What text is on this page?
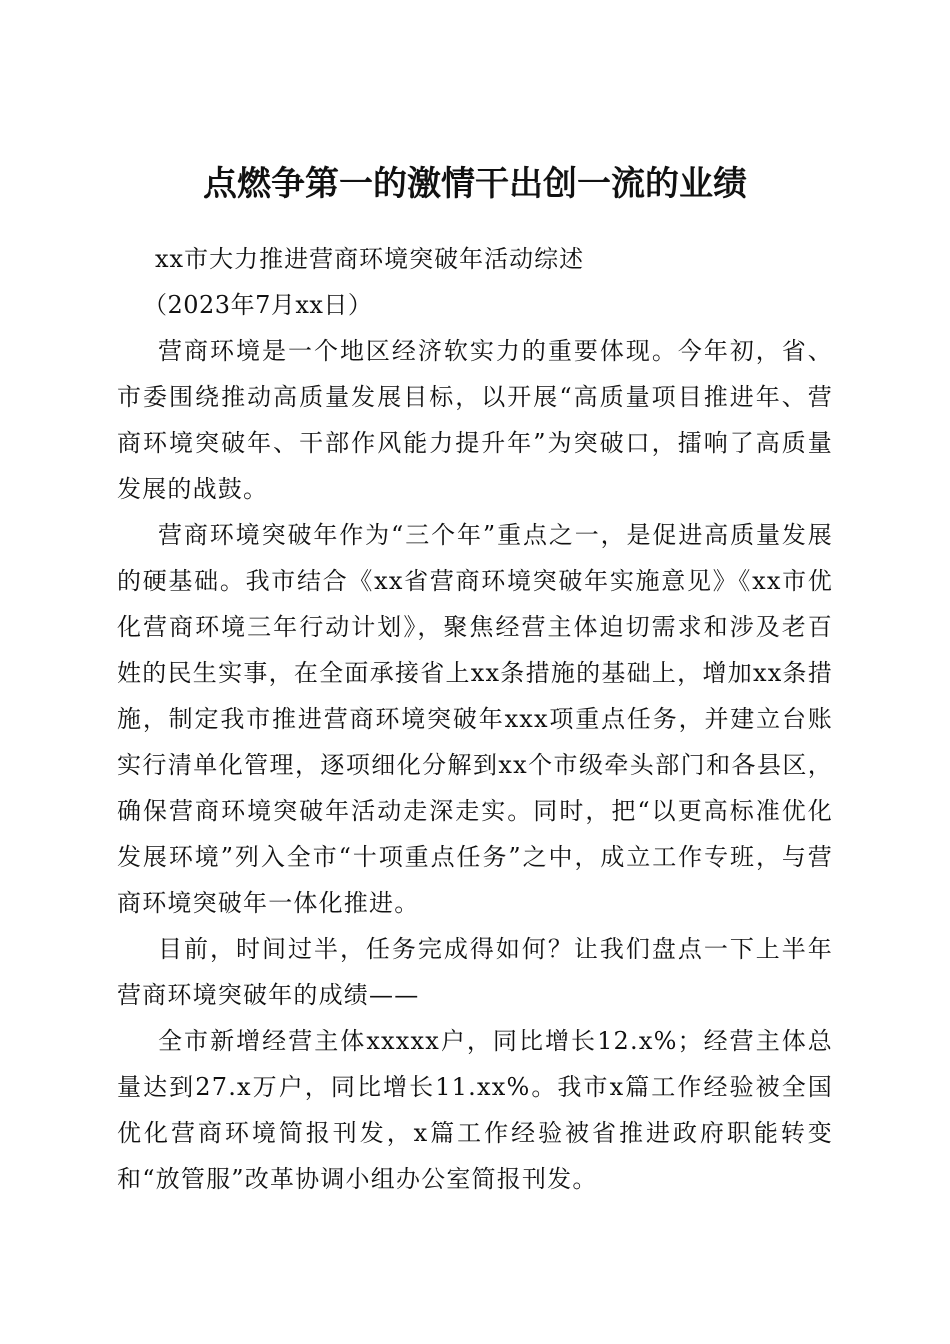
点燃争第一的激情干出创一流的业绩

xx市大力推进营商环境突破年活动综述

（2023年7月xx日）

营商环境是一个地区经济软实力的重要体现。今年初，省、市委围绕推动高质量发展目标，以开展“高质量项目推进年、营商环境突破年、干部作风能力提升年”为突破口，擂响了高质量发展的战鼓。

营商环境突破年作为“三个年”重点之一，是促进高质量发展的硬基础。我市结合《xx省营商环境突破年实施意见》《xx市优化营商环境三年行动计划》，聚焦经营主体迫切需求和涉及老百姓的民生实事，在全面承接省上xx条措施的基础上，增加xx条措施，制定我市推进营商环境突破年xxx项重点任务，并建立台账实行清单化管理，逐项细化分解到xx个市级牵头部门和各县区，确保营商环境突破年活动走深走实。同时，把“以更高标准优化发展环境”列入全市“十项重点任务”之中，成立工作专班，与营商环境突破年一体化推进。

目前，时间过半，任务完成得如何？让我们盘点一下上半年营商环境突破年的成绩——

全市新增经营主体xxxxx户，同比增长12.x%；经营主体总量达到27.x万户，同比增长11.xx%。我市x篇工作经验被全国优化营商环境简报刊发，x篇工作经验被省推进政府职能转变和“放管服”改革协调小组办公室简报刊发。
